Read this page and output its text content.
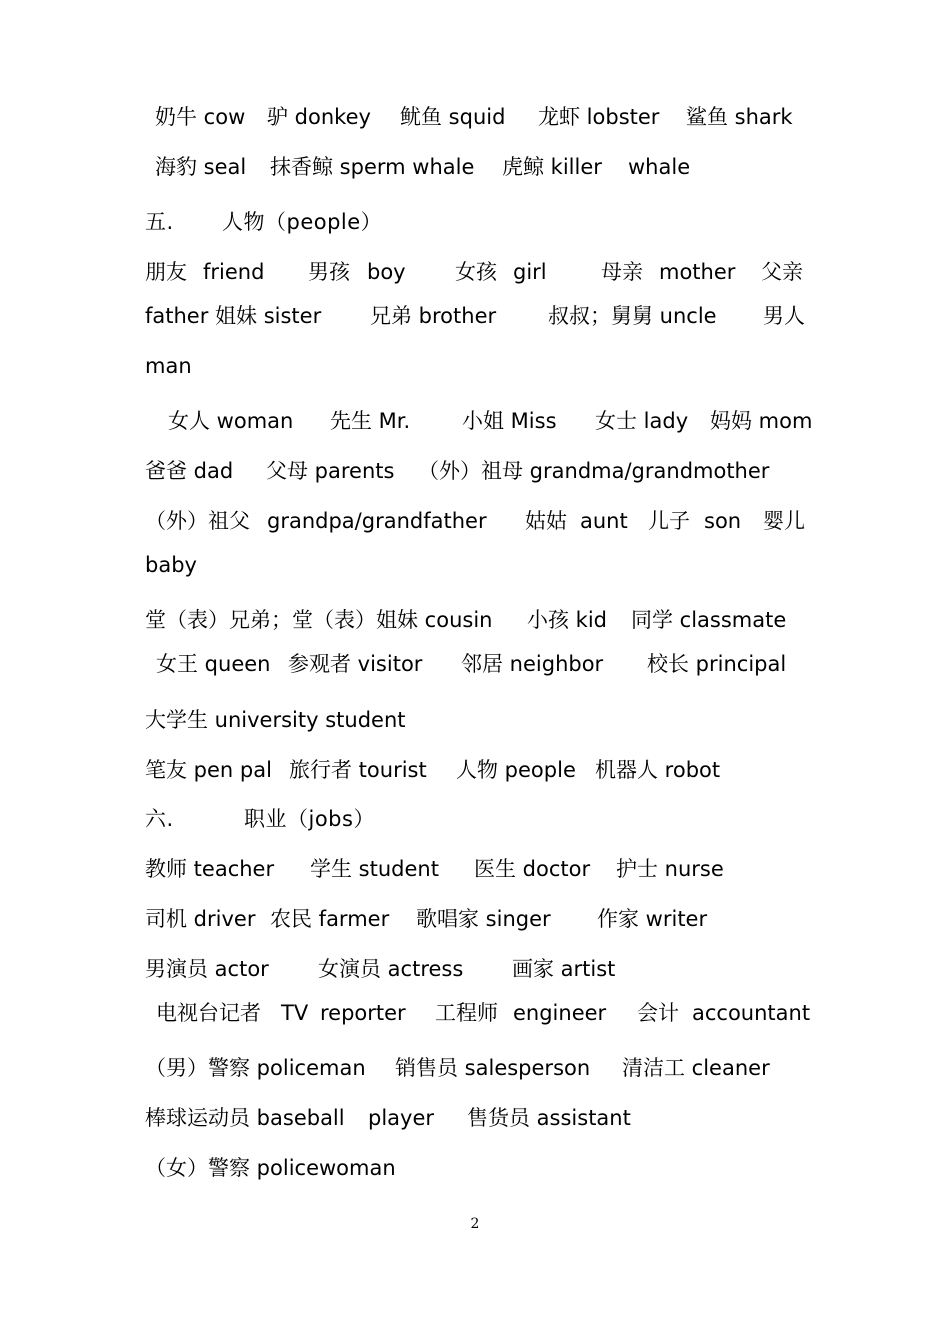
奶牛 cow

驴 donkey

鱿鱼 squid

龙虾 lobster

鲨鱼 shark

海豹 seal

抹香鲸 sperm whale

虎鲸 killer

whale

五.

人物（people）

朋友

friend

男孩

boy

女孩

girl

	母亲

mother

父亲

father 姐妹 sister

兄弟 brother

叔叔；舅舅 uncle

男人

man

女人 woman

先生 Mr.

小姐 Miss

女士 lady

妈妈 mom

爸爸 dad

父母 parents

（外）祖母 grandma/grandmother

（外）祖父

grandpa/grandfather

姑姑

aunt

儿子

son

婴儿

baby

堂（表）兄弟；堂（表）姐妹 cousin

小孩 kid

同学 classmate

女王 queen

参观者 visitor

邻居 neighbor

校长 principal

大学生 university student

笔友 pen pal

旅行者 tourist

人物 people

机器人 robot

六.

	职业（jobs）

教师 teacher

学生 student

医生 doctor

护士 nurse

司机 driver

农民 farmer

歌唱家 singer

作家 writer

男演员 actor

女演员 actress

画家 artist

电视台记者

TV

reporter

工程师

engineer

会计

accountant

（男）警察 policeman

销售员 salesperson

清洁工 cleaner

棒球运动员 baseball

player

售货员 assistant

（女）警察 policewoman

2
